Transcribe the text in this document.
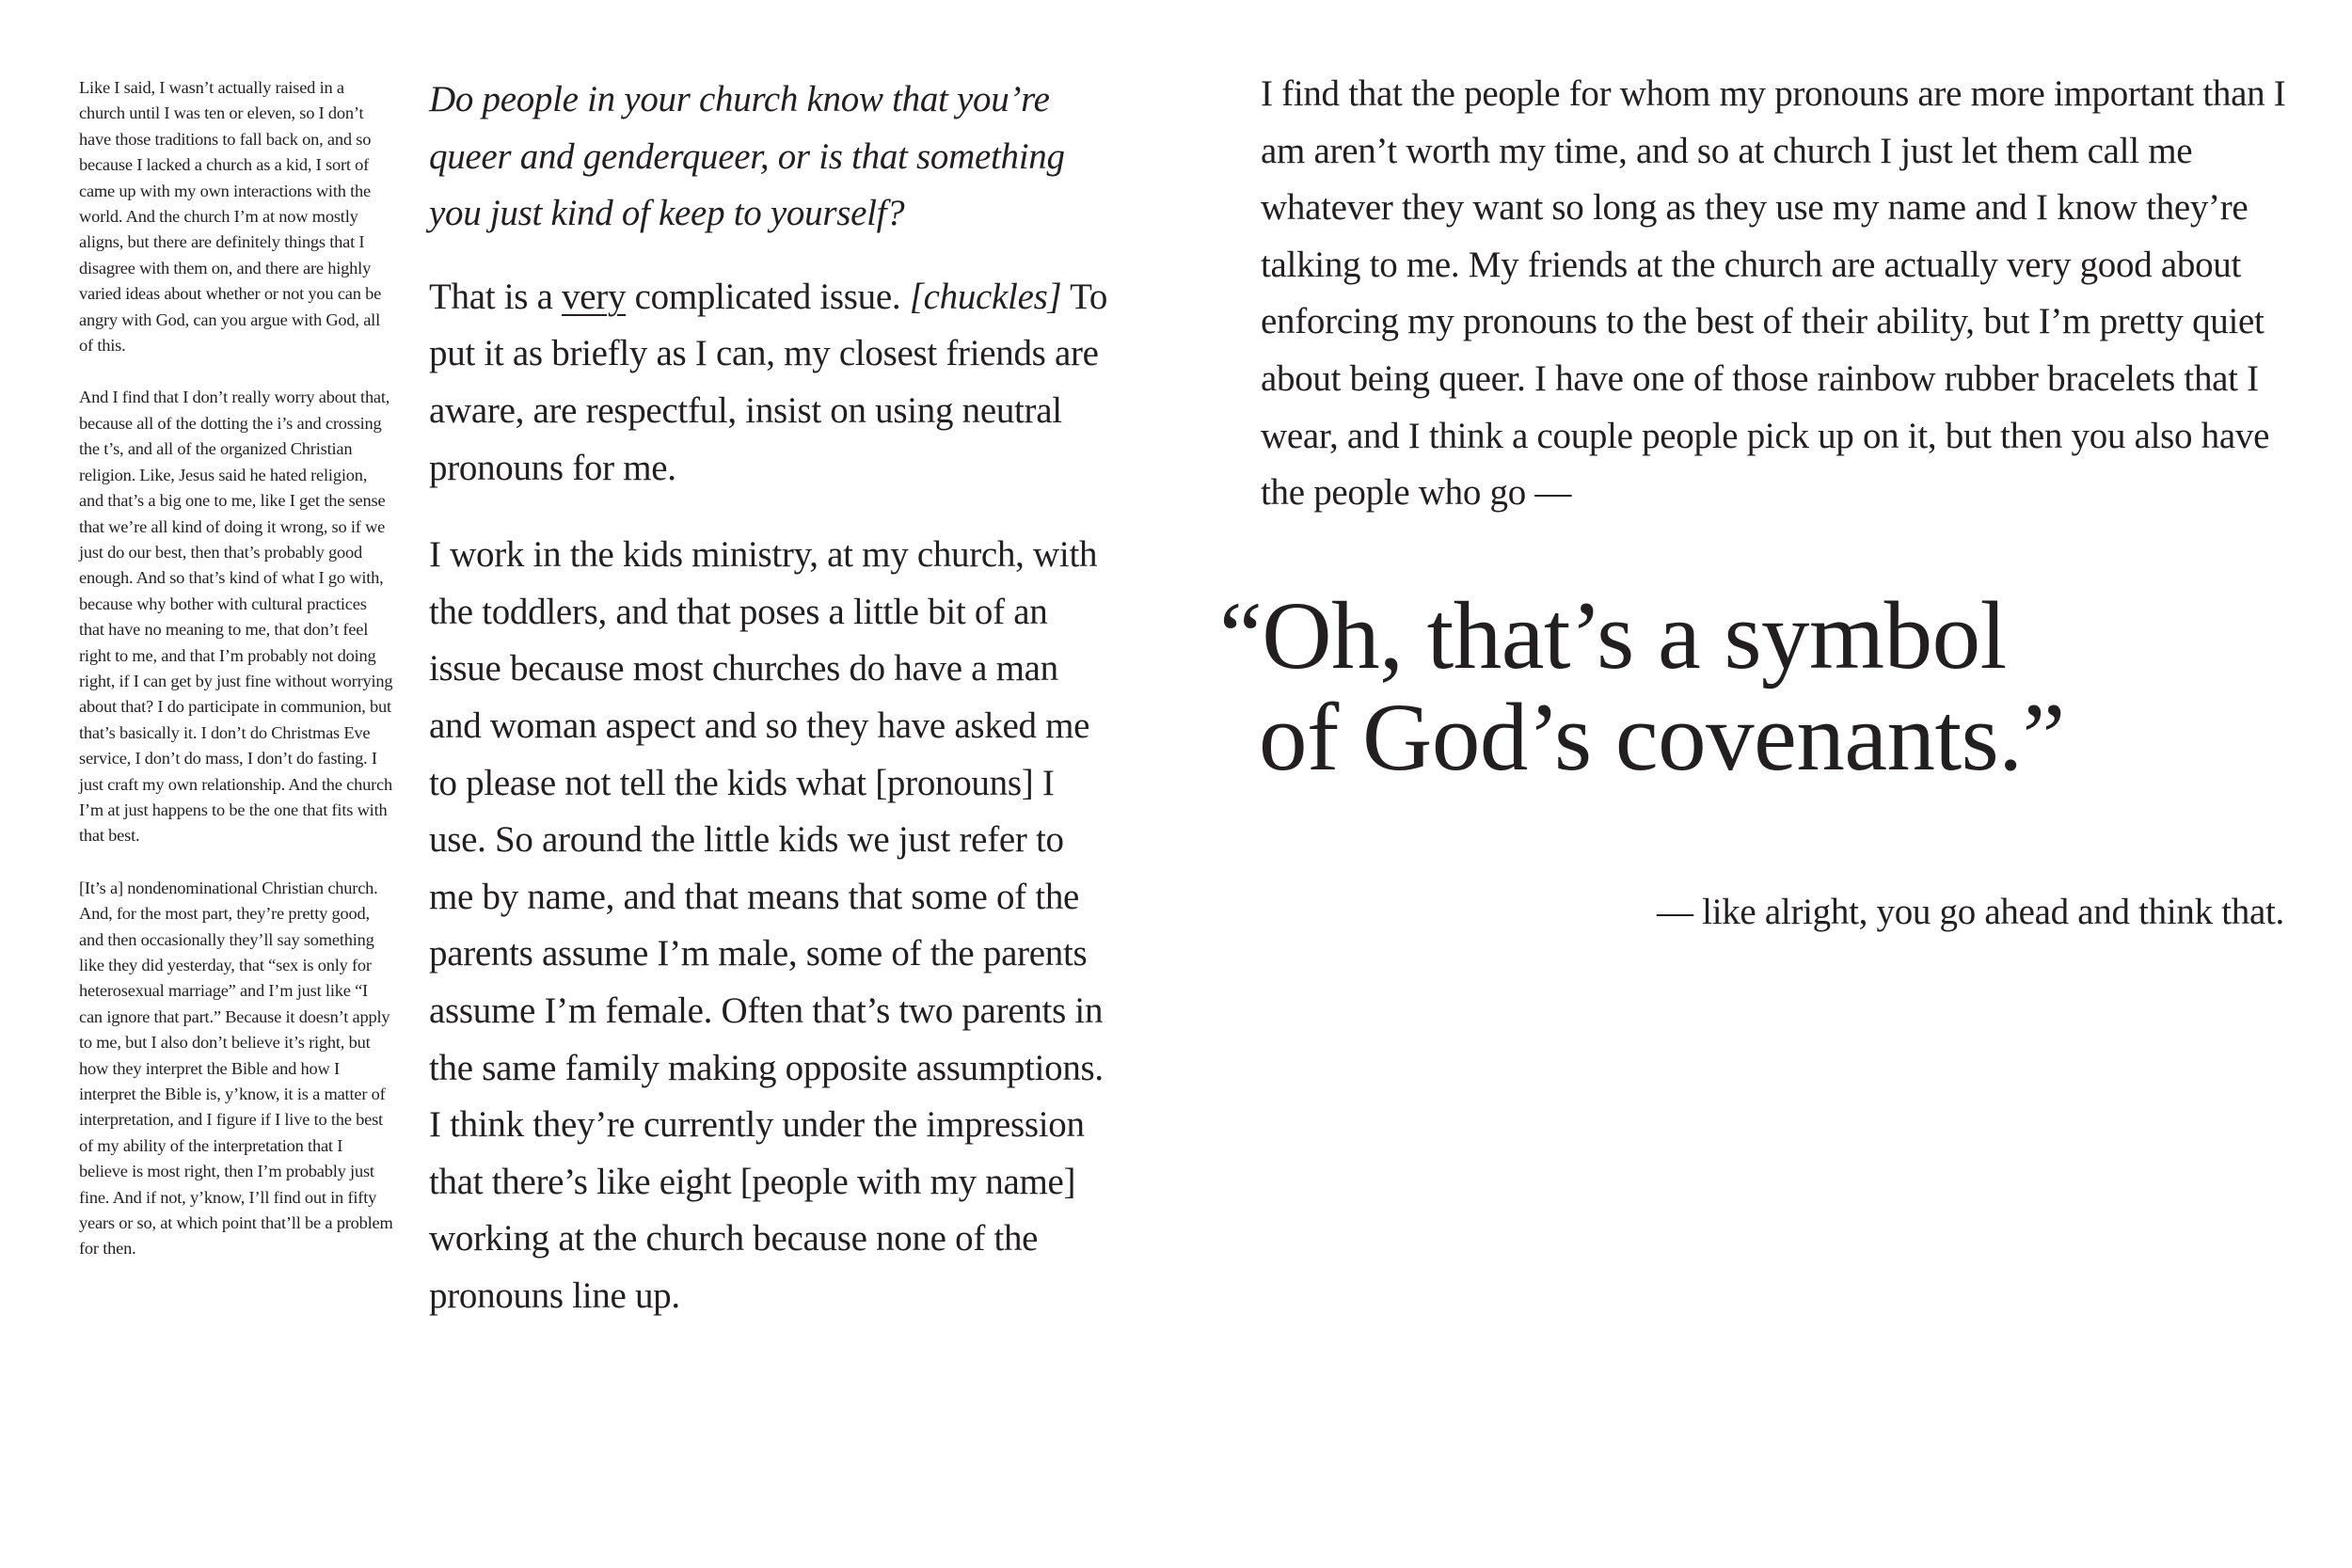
Like I said, I wasn’t actually raised in a church until I was ten or eleven, so I don’t have those traditions to fall back on, and so because I lacked a church as a kid, I sort of came up with my own interactions with the world. And the church I’m at now mostly aligns, but there are definitely things that I disagree with them on, and there are highly varied ideas about whether or not you can be angry with God, can you argue with God, all of this.

And I find that I don’t really worry about that, because all of the dotting the i’s and crossing the t’s, and all of the organized Christian religion. Like, Jesus said he hated religion, and that’s a big one to me, like I get the sense that we’re all kind of doing it wrong, so if we just do our best, then that’s probably good enough. And so that’s kind of what I go with, because why bother with cultural practices that have no meaning to me, that don’t feel right to me, and that I’m probably not doing right, if I can get by just fine without worrying about that? I do participate in communion, but that’s basically it. I don’t do Christmas Eve service, I don’t do mass, I don’t do fasting. I just craft my own relationship. And the church I’m at just happens to be the one that fits with that best.

[It’s a] nondenominational Christian church. And, for the most part, they’re pretty good, and then occasionally they’ll say something like they did yesterday, that “sex is only for heterosexual marriage” and I’m just like “I can ignore that part.” Because it doesn’t apply to me, but I also don’t believe it’s right, but how they interpret the Bible and how I interpret the Bible is, y’know, it is a matter of interpretation, and I figure if I live to the best of my ability of the interpretation that I believe is most right, then I’m probably just fine. And if not, y’know, I’ll find out in fifty years or so, at which point that’ll be a problem for then.

Do people in your church know that you’re queer and genderqueer, or is that something you just kind of keep to yourself?

That is a very complicated issue. [chuckles] To put it as briefly as I can, my closest friends are aware, are respectful, insist on using neutral pronouns for me.

I work in the kids ministry, at my church, with the toddlers, and that poses a little bit of an issue because most churches do have a man and woman aspect and so they have asked me to please not tell the kids what [pronouns] I use. So around the little kids we just refer to me by name, and that means that some of the parents assume I’m male, some of the parents assume I’m female. Often that’s two parents in the same family making opposite assumptions. I think they’re currently under the impression that there’s like eight [people with my name] working at the church because none of the pronouns line up.

I find that the people for whom my pronouns are more important than I am aren’t worth my time, and so at church I just let them call me whatever they want so long as they use my name and I know they’re talking to me. My friends at the church are actually very good about enforcing my pronouns to the best of their ability, but I’m pretty quiet about being queer. I have one of those rainbow rubber bracelets that I wear, and I think a couple people pick up on it, but then you also have the people who go —

“Oh, that’s a symbol
of God’s covenants.”

— like alright, you go ahead and think that.
